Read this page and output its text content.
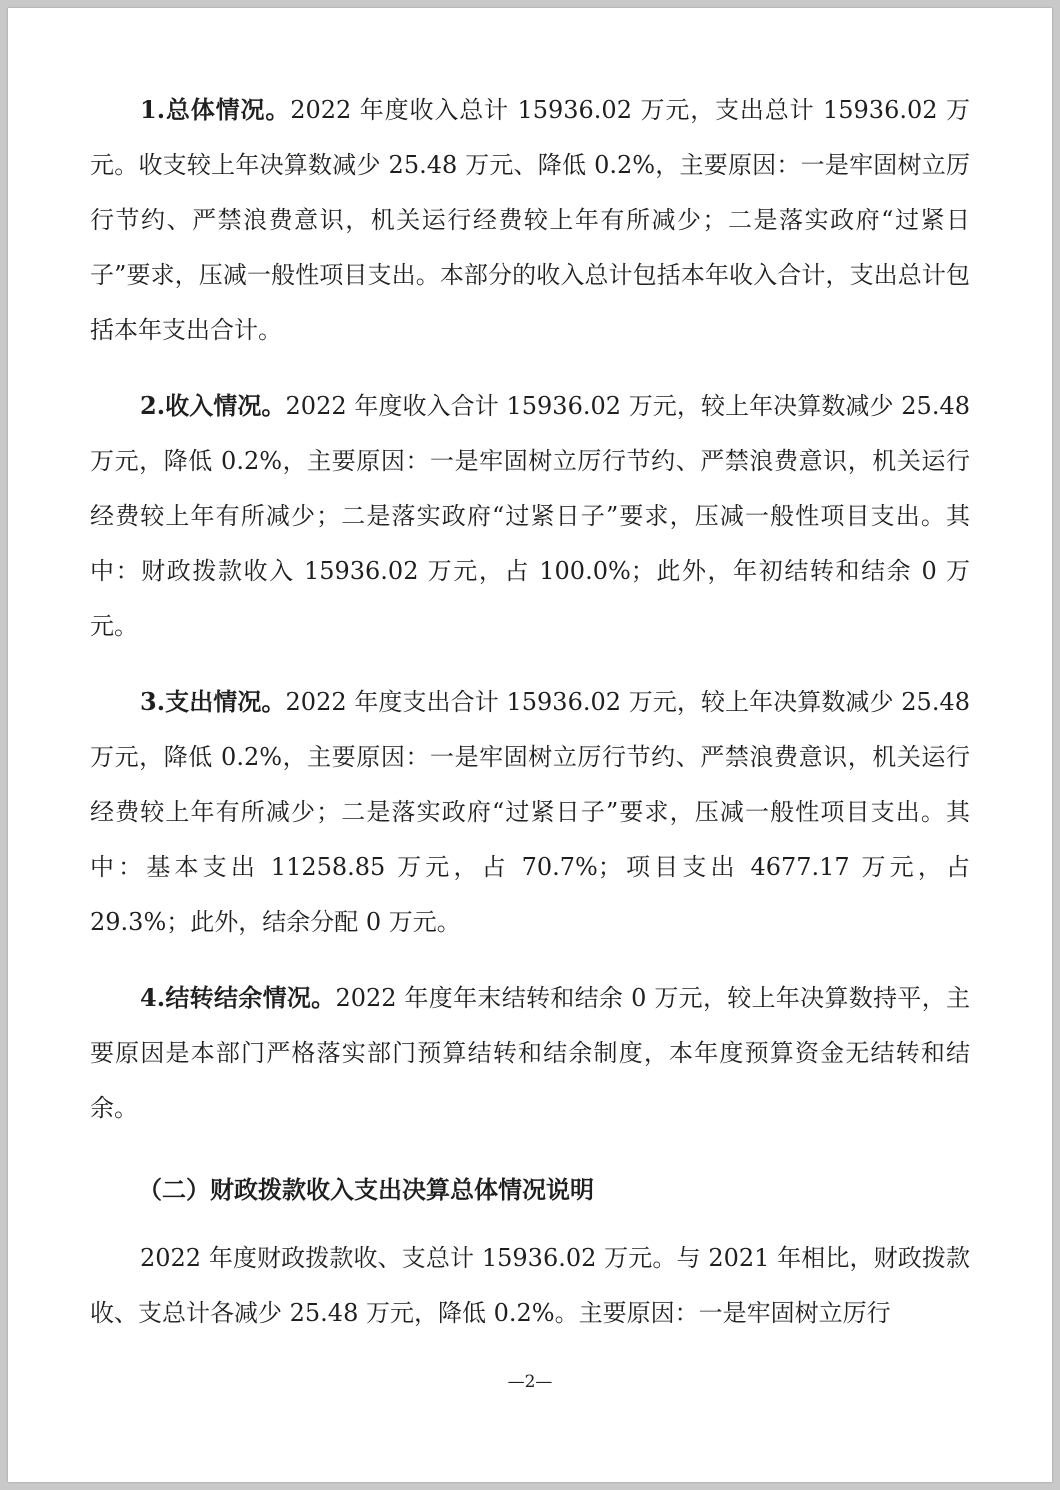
1.总体情况。2022 年度收入总计 15936.02 万元，支出总计 15936.02 万元。收支较上年决算数减少 25.48 万元、降低 0.2%，主要原因：一是牢固树立厉行节约、严禁浪费意识，机关运行经费较上年有所减少；二是落实政府“过紧日子”要求，压减一般性项目支出。本部分的收入总计包括本年收入合计，支出总计包括本年支出合计。

2.收入情况。2022 年度收入合计 15936.02 万元，较上年决算数减少 25.48 万元，降低 0.2%，主要原因：一是牢固树立厉行节约、严禁浪费意识，机关运行经费较上年有所减少；二是落实政府“过紧日子”要求，压减一般性项目支出。其中：财政拨款收入 15936.02 万元，占 100.0%；此外，年初结转和结余 0 万元。

3.支出情况。2022 年度支出合计 15936.02 万元，较上年决算数减少 25.48 万元，降低 0.2%，主要原因：一是牢固树立厉行节约、严禁浪费意识，机关运行经费较上年有所减少；二是落实政府“过紧日子”要求，压减一般性项目支出。其中：基本支出 11258.85 万元，占 70.7%；项目支出 4677.17 万元，占 29.3%；此外，结余分配 0 万元。

4.结转结余情况。2022 年度年末结转和结余 0 万元，较上年决算数持平，主要原因是本部门严格落实部门预算结转和结余制度，本年度预算资金无结转和结余。

（二）财政拨款收入支出决算总体情况说明

2022 年度财政拨款收、支总计 15936.02 万元。与 2021 年相比，财政拨款收、支总计各减少 25.48 万元，降低 0.2%。主要原因：一是牢固树立厉行

—2—
